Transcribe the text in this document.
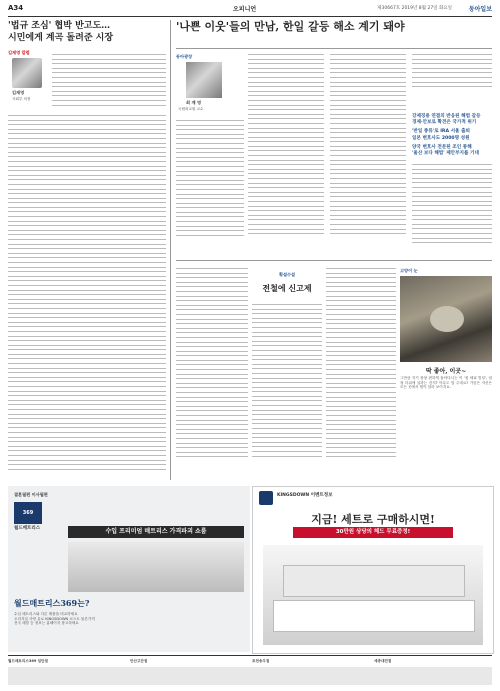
A34	오피니언	제30667호 2019년 8월 27일 화요일	동아일보
'법규 조심' 협박 반고도…
시민에게 계곡 돌려준 시장
김재영 칼럼
김재영
사회부 차장
'나쁜 이웃'들의 만남, 한일 갈등 해소 계기 돼야
동아광장
최 계 영
국립외교원 교수
강제징용 연결의 반응된 해법 갈등
경제·안보로 확전은 국가적 위기
'반일 종류'로 IRA 서울 출퇴
일본 변호사도 2000명 성원
양국 변호사 전문된 조인 통해
'울산 보다 해법' 제안부지를 기대
횡설수설
전철에 신고제
고양이 눈
딱 좋아, 이곳~
그만큼 지기 창창 편하게 돌아다니는 이 '집 세피 빌딩', 엄청 더위에 일하는 건지? 아무도 밥 주네요? 가끔은 자신은 모든 곳에서 힘이 달라 보이지요.
결혼필편 이사필편
369
월드매트리스	수입 프리미엄 매트리스 가격파괴 쇼룸
월드매트리스369는?
수입 매트리스와 다른 제품을 비교하세요
오리지널 사양 유로 KINGSDOWN 코스트 물론가격
전국 매장 등 정보는 홈페이지 참고하세요
KINGSDOWN 이벤트정보
지금! 세트로 구매하시면!
30만원 상당의 헤드 무료증정!
월드매트리스369 임단점	안산고잔점	포천송우점	세종대전점
